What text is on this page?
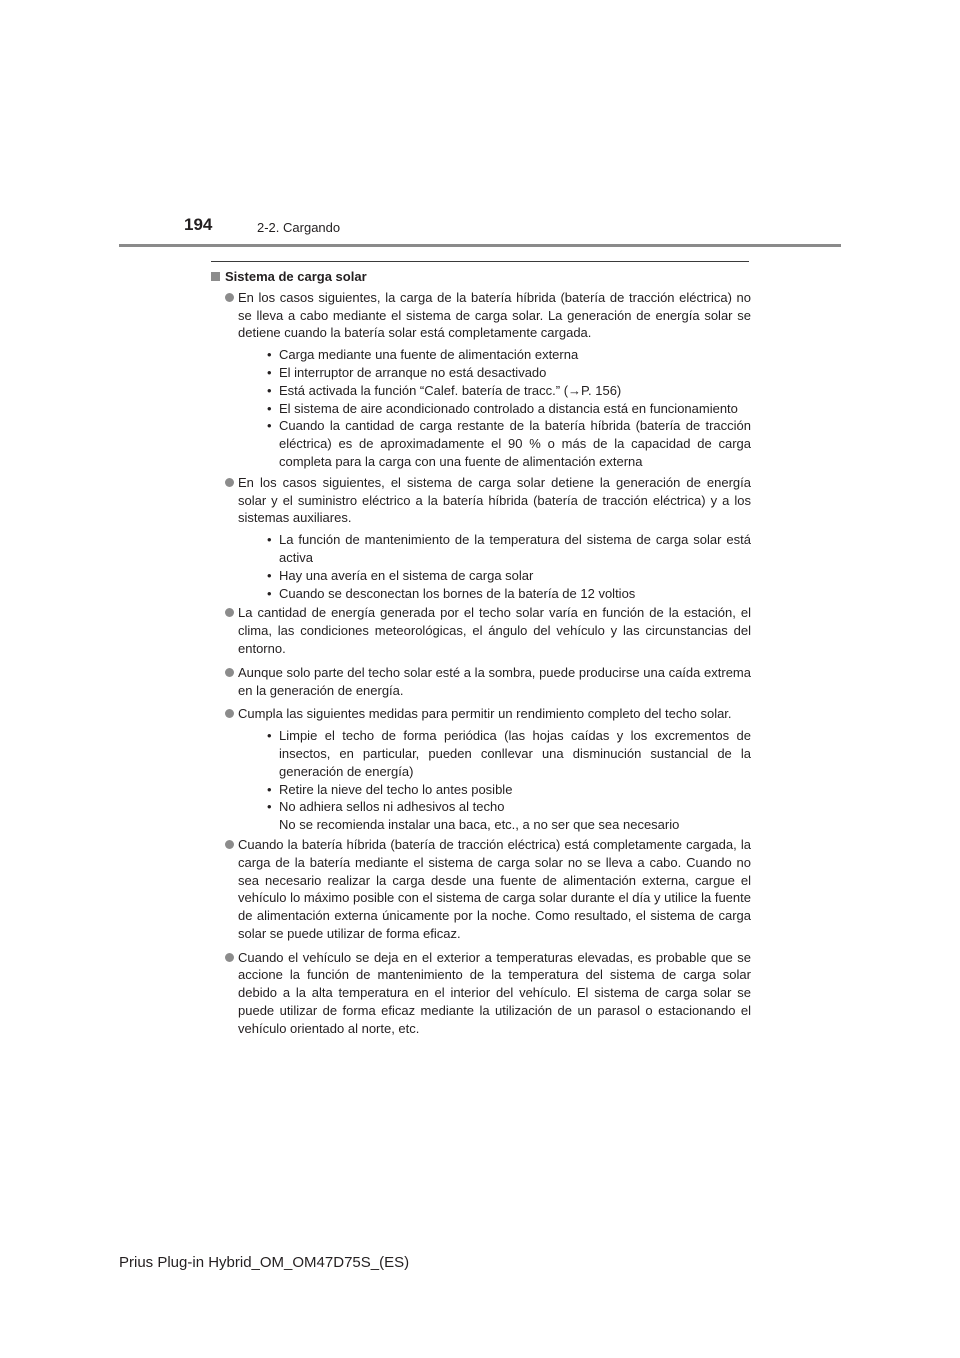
194	2-2. Cargando
Sistema de carga solar
En los casos siguientes, la carga de la batería híbrida (batería de tracción eléctrica) no se lleva a cabo mediante el sistema de carga solar. La generación de energía solar se detiene cuando la batería solar está completamente cargada.
• Carga mediante una fuente de alimentación externa
• El interruptor de arranque no está desactivado
• Está activada la función “Calef. batería de tracc.” (→P. 156)
• El sistema de aire acondicionado controlado a distancia está en funcionamiento
• Cuando la cantidad de carga restante de la batería híbrida (batería de tracción eléctrica) es de aproximadamente el 90 % o más de la capacidad de carga completa para la carga con una fuente de alimentación externa
En los casos siguientes, el sistema de carga solar detiene la generación de energía solar y el suministro eléctrico a la batería híbrida (batería de tracción eléctrica) y a los sistemas auxiliares.
• La función de mantenimiento de la temperatura del sistema de carga solar está activa
• Hay una avería en el sistema de carga solar
• Cuando se desconectan los bornes de la batería de 12 voltios
La cantidad de energía generada por el techo solar varía en función de la estación, el clima, las condiciones meteorológicas, el ángulo del vehículo y las circunstancias del entorno.
Aunque solo parte del techo solar esté a la sombra, puede producirse una caída extrema en la generación de energía.
Cumpla las siguientes medidas para permitir un rendimiento completo del techo solar.
• Limpie el techo de forma periódica (las hojas caídas y los excrementos de insectos, en particular, pueden conllevar una disminución sustancial de la generación de energía)
• Retire la nieve del techo lo antes posible
• No adhiera sellos ni adhesivos al techo
No se recomienda instalar una baca, etc., a no ser que sea necesario
Cuando la batería híbrida (batería de tracción eléctrica) está completamente cargada, la carga de la batería mediante el sistema de carga solar no se lleva a cabo. Cuando no sea necesario realizar la carga desde una fuente de alimentación externa, cargue el vehículo lo máximo posible con el sistema de carga solar durante el día y utilice la fuente de alimentación externa únicamente por la noche. Como resultado, el sistema de carga solar se puede utilizar de forma eficaz.
Cuando el vehículo se deja en el exterior a temperaturas elevadas, es probable que se accione la función de mantenimiento de la temperatura del sistema de carga solar debido a la alta temperatura en el interior del vehículo. El sistema de carga solar se puede utilizar de forma eficaz mediante la utilización de un parasol o estacionando el vehículo orientado al norte, etc.
Prius Plug-in Hybrid_OM_OM47D75S_(ES)
